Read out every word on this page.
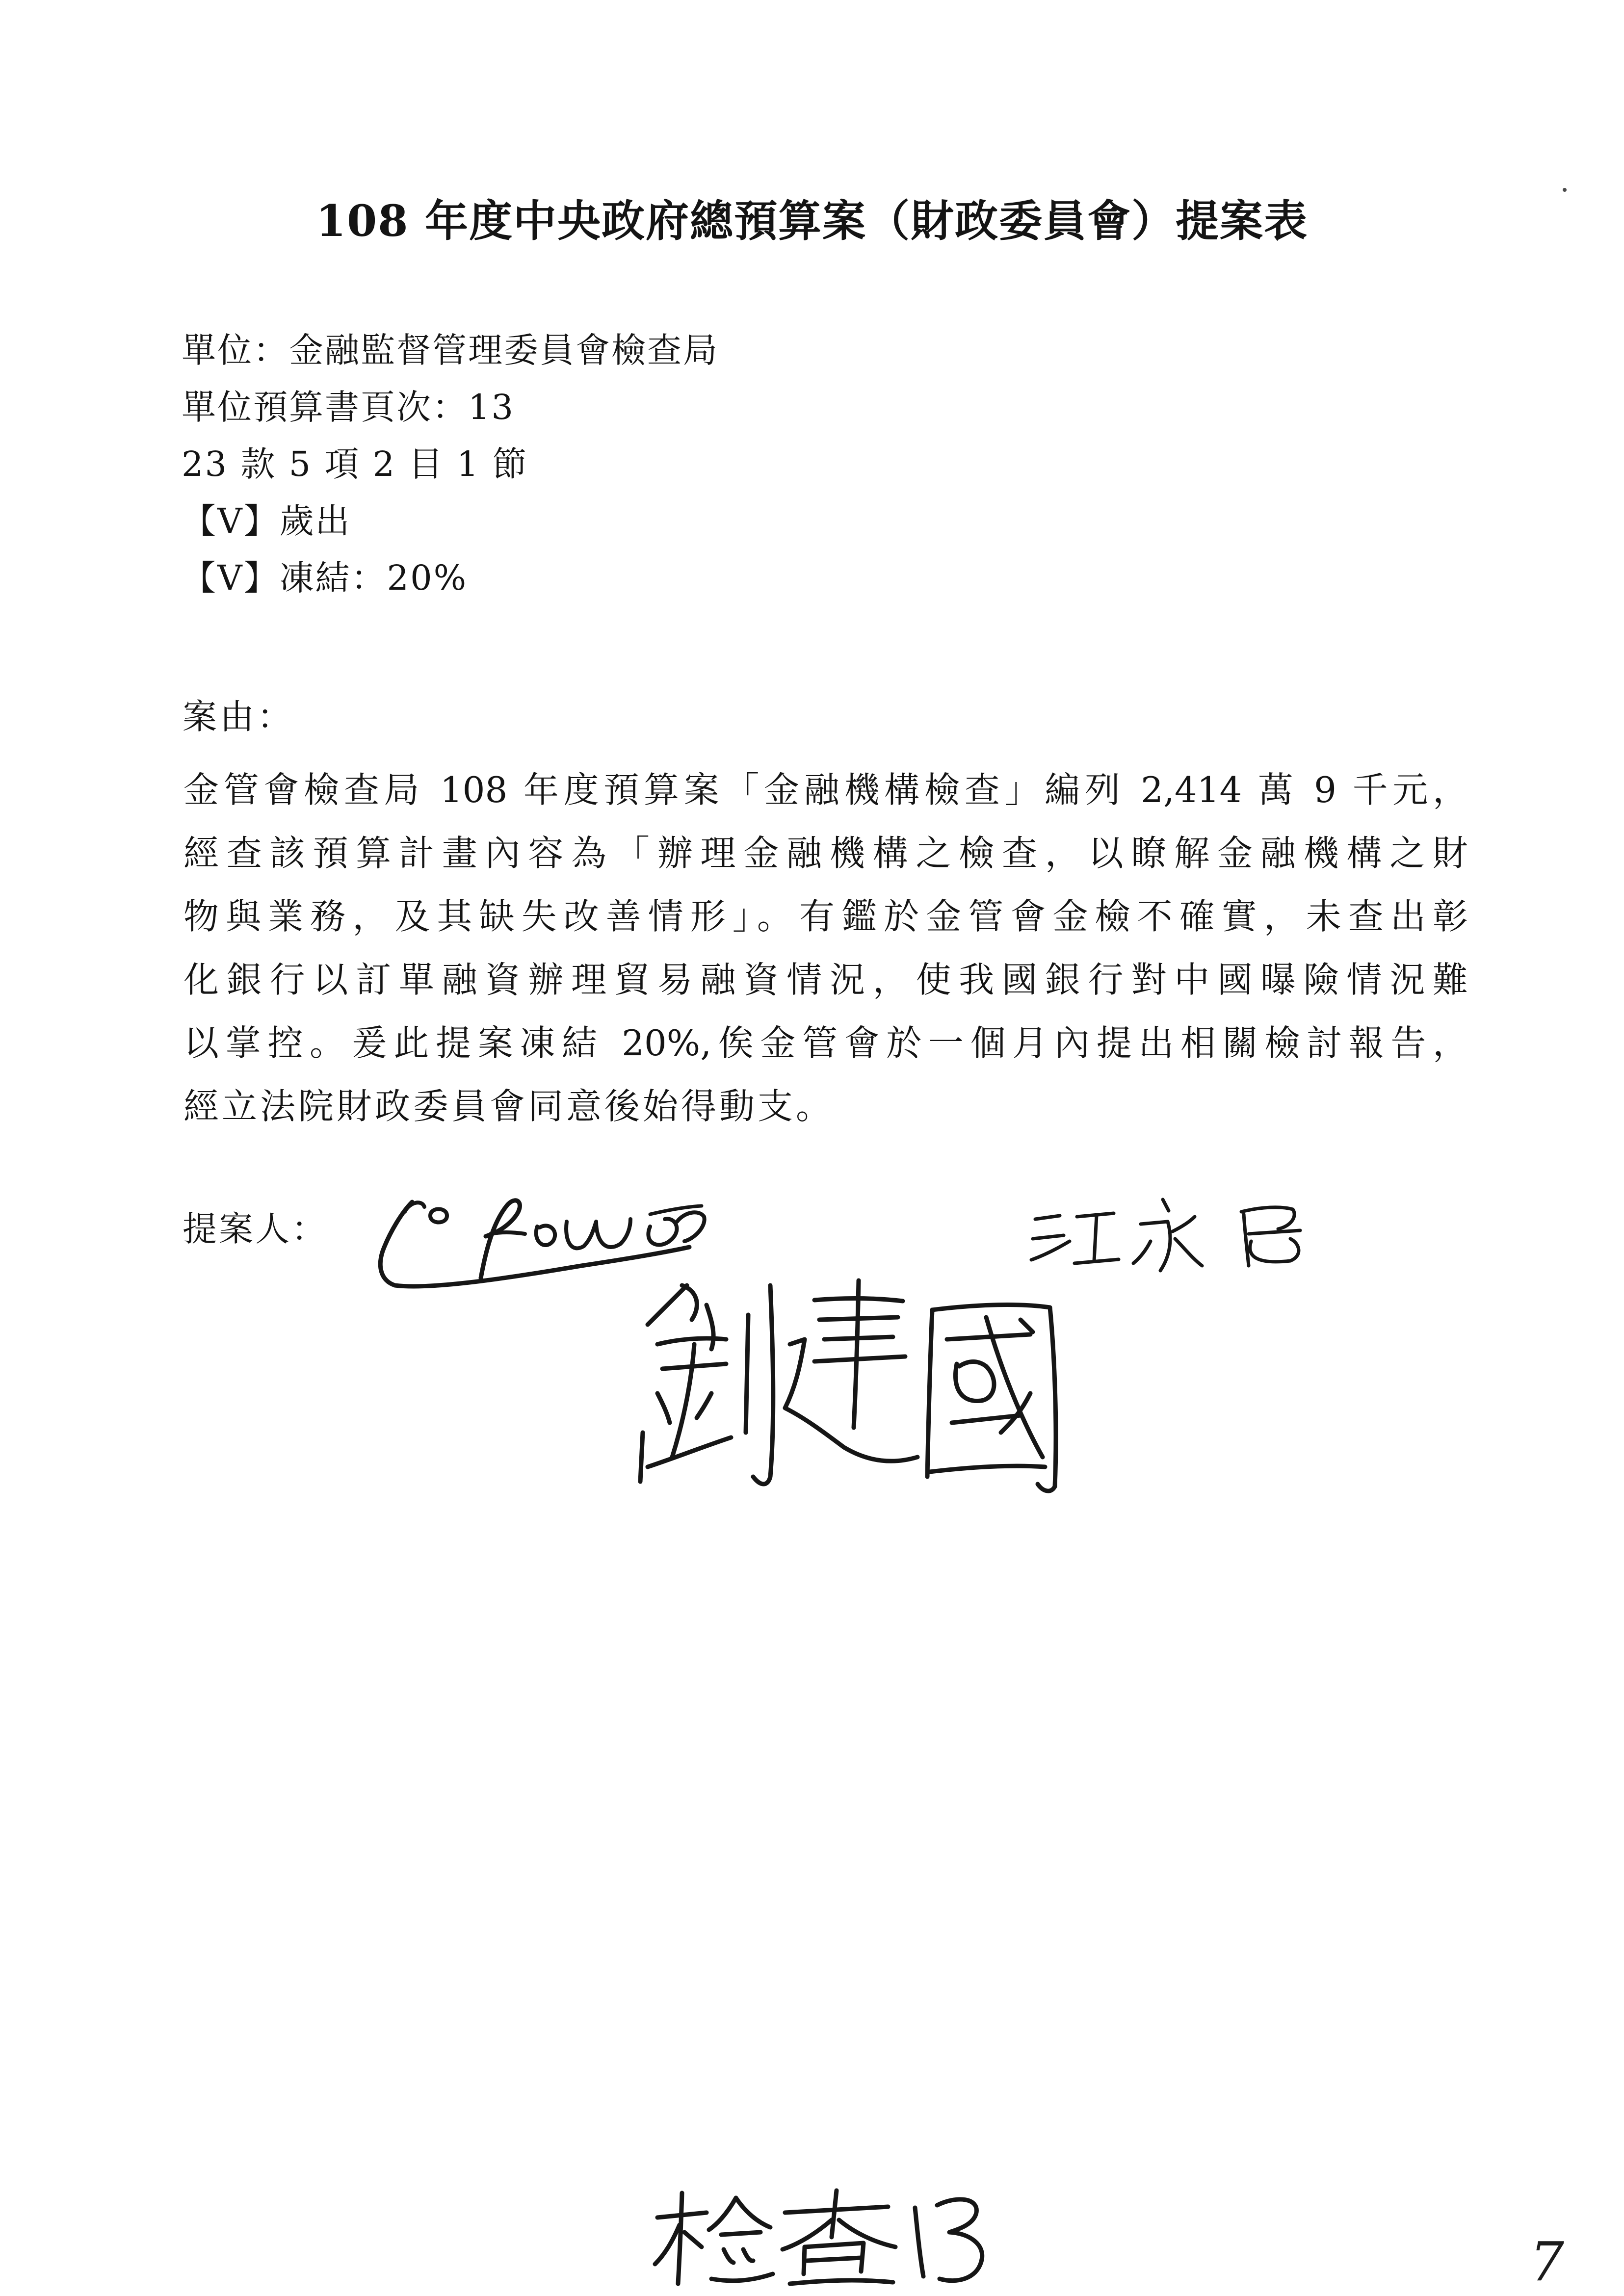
108 年度中央政府總預算案（財政委員會）提案表
單位：金融監督管理委員會檢查局
單位預算書頁次：13
23 款 5 項 2 目 1 節
【V】歲出
【V】凍結：20%
案由：
金管會檢查局 108 年度預算案「金融機構檢查」編列 2,414 萬 9 千元，
經查該預算計畫內容為「辦理金融機構之檢查，以瞭解金融機構之財
物與業務，及其缺失改善情形」。有鑑於金管會金檢不確實，未查出彰
化銀行以訂單融資辦理貿易融資情況，使我國銀行對中國曝險情況難
以掌控。爰此提案凍結 20%,俟金管會於一個月內提出相關檢討報告，
經立法院財政委員會同意後始得動支。
提案人：
7
